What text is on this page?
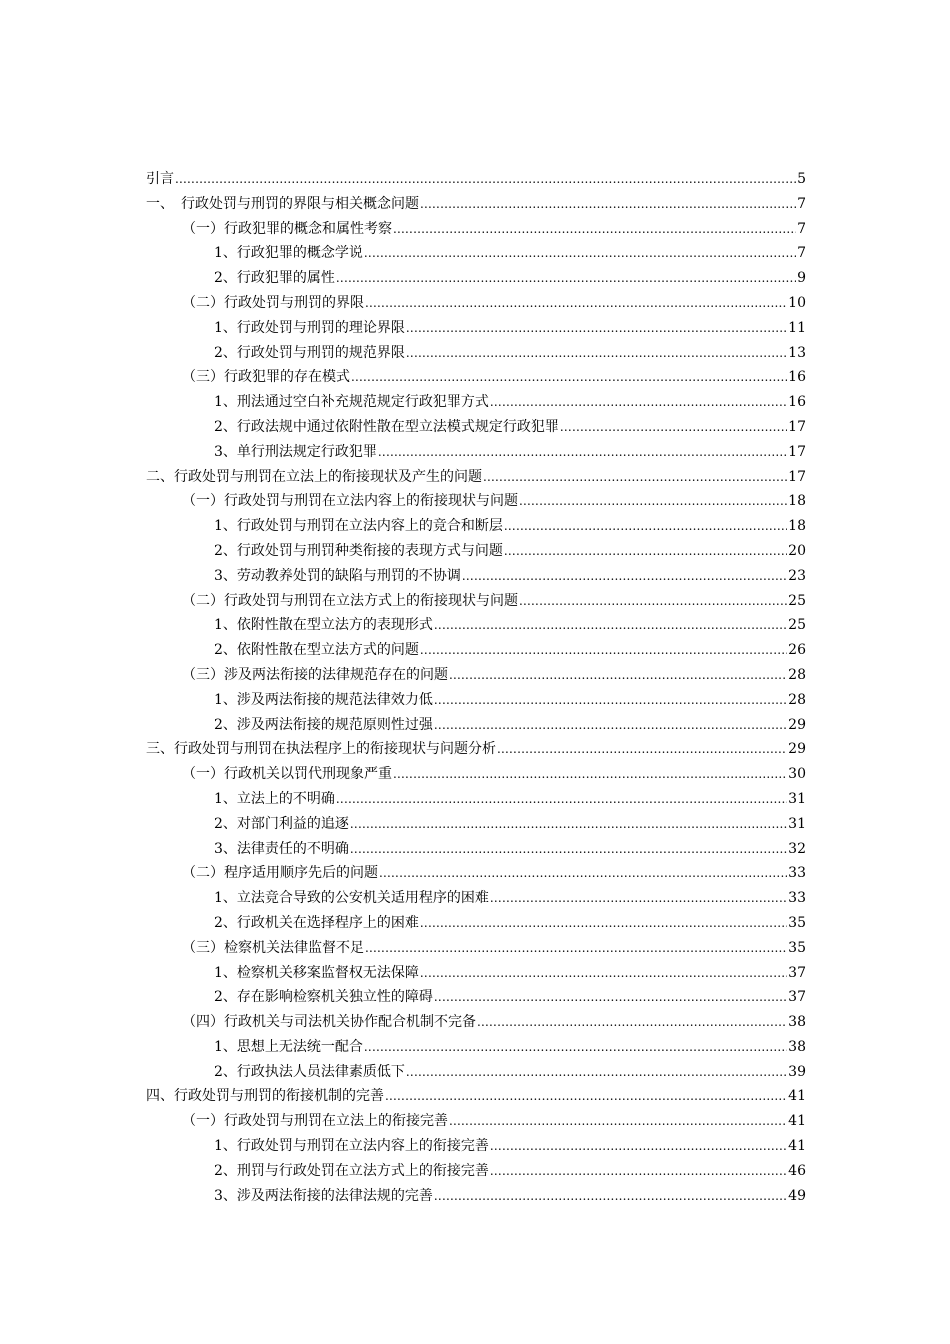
引言 .....	5
一、　行政处罚与刑罚的界限与相关概念问题 .....	7
（一）行政犯罪的概念和属性考察 .....	7
1、行政犯罪的概念学说 .....	7
2、行政犯罪的属性 .....	9
（二）行政处罚与刑罚的界限 .....	10
1、行政处罚与刑罚的理论界限 .....	11
2、行政处罚与刑罚的规范界限 .....	13
（三）行政犯罪的存在模式 .....	16
1、刑法通过空白补充规范规定行政犯罪方式 .....	16
2、行政法规中通过依附性散在型立法模式规定行政犯罪 .....	17
3、单行刑法规定行政犯罪 .....	17
二、行政处罚与刑罚在立法上的衔接现状及产生的问题 .....	17
（一）行政处罚与刑罚在立法内容上的衔接现状与问题 .....	18
1、行政处罚与刑罚在立法内容上的竞合和断层 .....	18
2、行政处罚与刑罚种类衔接的表现方式与问题 .....	20
3、劳动教养处罚的缺陷与刑罚的不协调 .....	23
（二）行政处罚与刑罚在立法方式上的衔接现状与问题 .....	25
1、依附性散在型立法方的表现形式 .....	25
2、依附性散在型立法方式的问题 .....	26
（三）涉及两法衔接的法律规范存在的问题 .....	28
1、涉及两法衔接的规范法律效力低 .....	28
2、涉及两法衔接的规范原则性过强 .....	29
三、行政处罚与刑罚在执法程序上的衔接现状与问题分析 .....	29
（一）行政机关以罚代刑现象严重 .....	30
1、立法上的不明确 .....	31
2、对部门利益的追逐 .....	31
3、法律责任的不明确 .....	32
（二）程序适用顺序先后的问题 .....	33
1、立法竞合导致的公安机关适用程序的困难 .....	33
2、行政机关在选择程序上的困难 .....	35
（三）检察机关法律监督不足 .....	35
1、检察机关移案监督权无法保障 .....	37
2、存在影响检察机关独立性的障碍 .....	37
（四）行政机关与司法机关协作配合机制不完备 .....	38
1、思想上无法统一配合 .....	38
2、行政执法人员法律素质低下 .....	39
四、行政处罚与刑罚的衔接机制的完善 .....	41
（一）行政处罚与刑罚在立法上的衔接完善 .....	41
1、行政处罚与刑罚在立法内容上的衔接完善 .....	41
2、刑罚与行政处罚在立法方式上的衔接完善 .....	46
3、涉及两法衔接的法律法规的完善 .....	49
